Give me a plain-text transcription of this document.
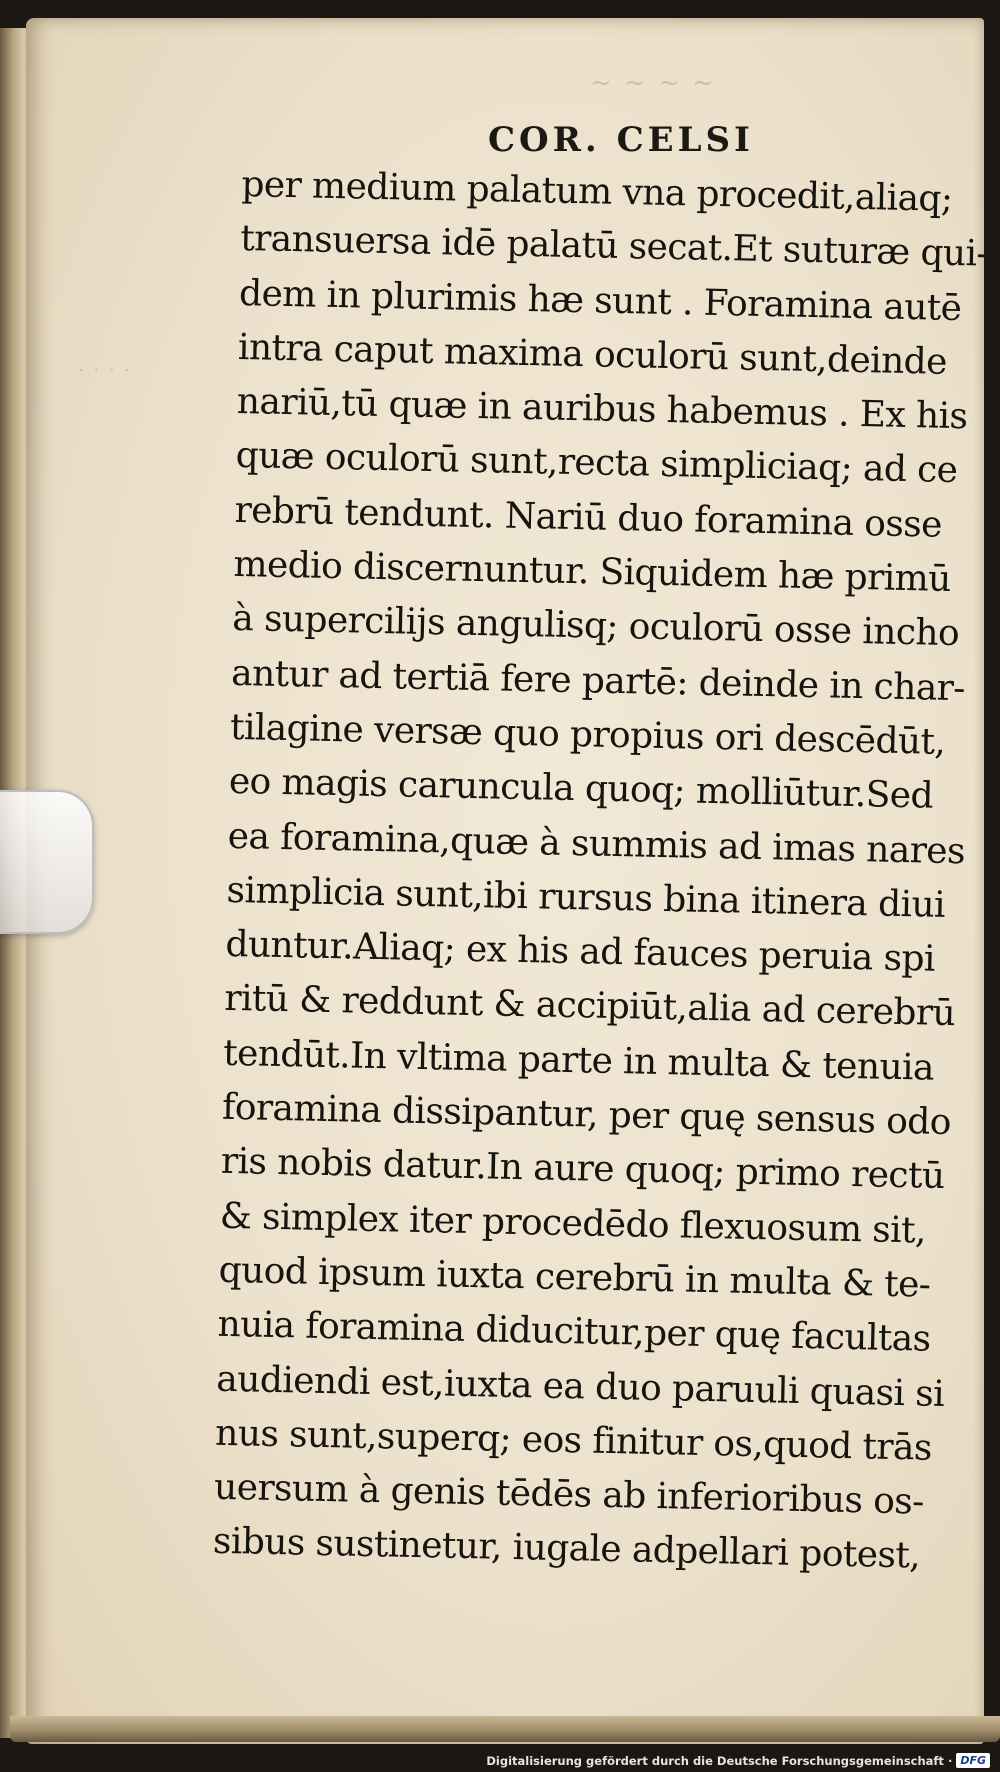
~ ~ ~ ~
· · · ·
COR. CELSI
per medium palatum vna procedit,aliaq;
transuersa idē palatū secat.Et suturæ qui-
dem in plurimis hæ sunt . Foramina autē
intra caput maxima oculorū sunt,deinde
nariū,tū quæ in auribus habemus . Ex his
quæ oculorū sunt,recta simpliciaq; ad ce
rebrū tendunt. Nariū duo foramina osse
medio discernuntur. Siquidem hæ primū
à supercilijs angulisq; oculorū osse incho
antur ad tertiā fere partē: deinde in char-
tilagine versæ quo propius ori descēdūt,
eo magis caruncula quoq; molliūtur.Sed
ea foramina,quæ à summis ad imas nares
simplicia sunt,ibi rursus bina itinera diui
duntur.Aliaq; ex his ad fauces peruia spi
ritū & reddunt & accipiūt,alia ad cerebrū
tendūt.In vltima parte in multa & tenuia
foramina dissipantur, per quę sensus odo
ris nobis datur.In aure quoq; primo rectū
& simplex iter procedēdo flexuosum sit,
quod ipsum iuxta cerebrū in multa & te-
nuia foramina diducitur,per quę facultas
audiendi est,iuxta ea duo paruuli quasi si
nus sunt,superq; eos finitur os,quod trās
uersum à genis tēdēs ab inferioribus os-
sibus sustinetur, iugale adpellari potest,
Digitalisierung gefördert durch die Deutsche Forschungsgemeinschaft · DFG
